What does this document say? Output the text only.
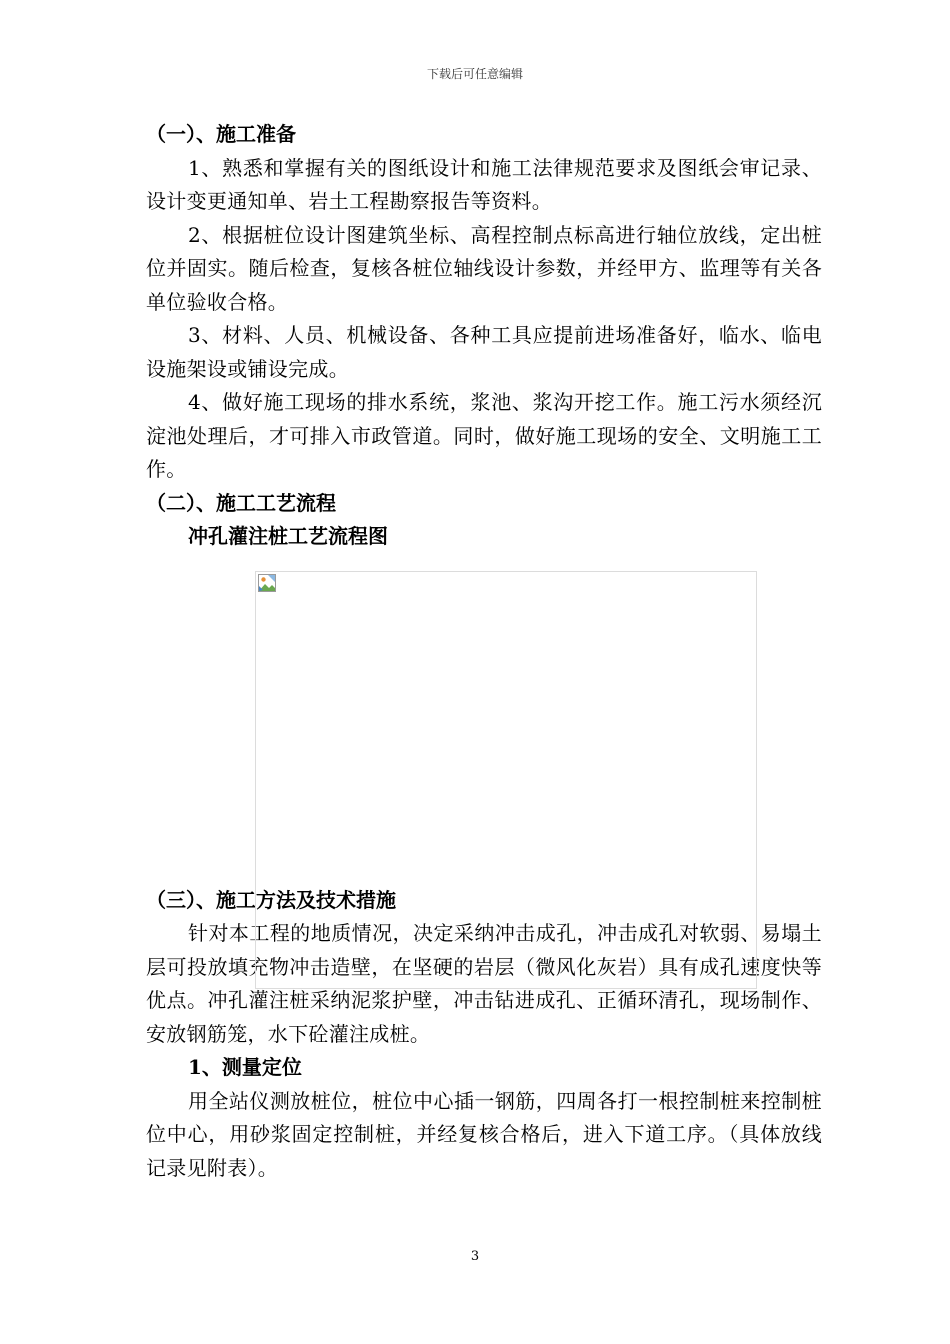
下载后可任意编辑

（一）、施工准备

1、熟悉和掌握有关的图纸设计和施工法律规范要求及图纸会审记录、设计变更通知单、岩土工程勘察报告等资料。

2、根据桩位设计图建筑坐标、高程控制点标高进行轴位放线，定出桩位并固实。随后检查，复核各桩位轴线设计参数，并经甲方、监理等有关各单位验收合格。

3、材料、人员、机械设备、各种工具应提前进场准备好，临水、临电设施架设或铺设完成。

4、做好施工现场的排水系统，浆池、浆沟开挖工作。施工污水须经沉淀池处理后，才可排入市政管道。同时，做好施工现场的安全、文明施工工作。

（二）、施工工艺流程

冲孔灌注桩工艺流程图

（三）、施工方法及技术措施

针对本工程的地质情况，决定采纳冲击成孔，冲击成孔对软弱、易塌土层可投放填充物冲击造壁，在坚硬的岩层（微风化灰岩）具有成孔速度快等优点。冲孔灌注桩采纳泥浆护壁，冲击钻进成孔、正循环清孔，现场制作、安放钢筋笼，水下砼灌注成桩。

1、测量定位

用全站仪测放桩位，桩位中心插一钢筋，四周各打一根控制桩来控制桩位中心，用砂浆固定控制桩，并经复核合格后，进入下道工序。（具体放线记录见附表）。

3
